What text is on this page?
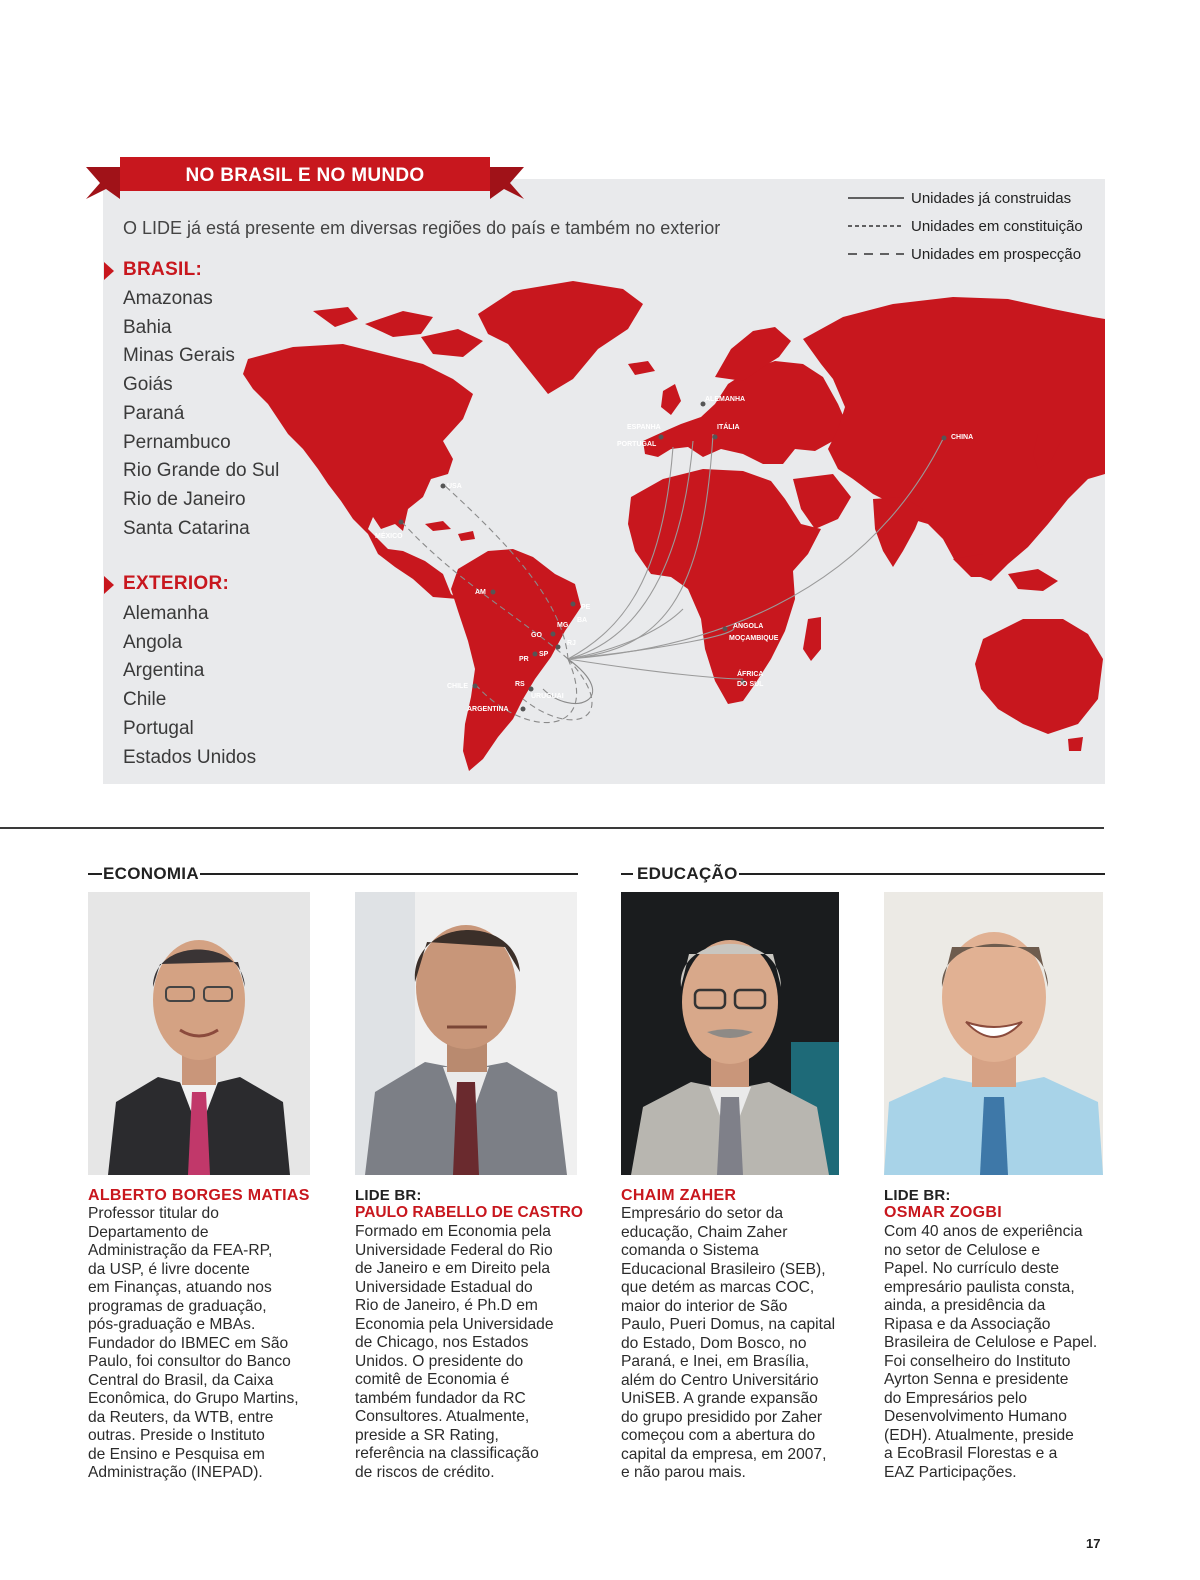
ALEMANHA
ESPANHA
PORTUGAL
ITÁLIA
CHINA
USA
MÉXICO
AM
PE
BA
MG
GO
RJ
SP
PR
RS
CHILE
URUGUAI
ARGENTINA
ANGOLA
MOÇAMBIQUE
ÁFRICA
DO SUL
NO BRASIL E NO MUNDO
O LIDE já está presente em diversas regiões do país e também no exterior
BRASIL:
Amazonas
Bahia
Minas Gerais
Goiás
Paraná
Pernambuco
Rio Grande do Sul
Rio de Janeiro
Santa Catarina
EXTERIOR:
Alemanha
Angola
Argentina
Chile
Portugal
Estados Unidos
Unidades já construidas
Unidades em constituição
Unidades em prospecção
ECONOMIA	EDUCAÇÃO
ALBERTO BORGES MATIAS
Professor titular do
Departamento de
Administração da FEA-RP,
da USP, é livre docente
em Finanças, atuando nos
programas de graduação,
pós-graduação e MBAs.
Fundador do IBMEC em São
Paulo, foi consultor do Banco
Central do Brasil, da Caixa
Econômica, do Grupo Martins,
da Reuters, da WTB, entre
outras. Preside o Instituto
de Ensino e Pesquisa em
Administração (INEPAD).
LIDE BR:
PAULO RABELLO DE CASTRO
Formado em Economia pela
Universidade Federal do Rio
de Janeiro e em Direito pela
Universidade Estadual do
Rio de Janeiro, é Ph.D em
Economia pela Universidade
de Chicago, nos Estados
Unidos. O presidente do
comitê de Economia é
também fundador da RC
Consultores. Atualmente,
preside a SR Rating,
referência na classificação
de riscos de crédito.
CHAIM ZAHER
Empresário do setor da
educação, Chaim Zaher
comanda o Sistema
Educacional Brasileiro (SEB),
que detém as marcas COC,
maior do interior de São
Paulo, Pueri Domus, na capital
do Estado, Dom Bosco, no
Paraná, e Inei, em Brasília,
além do Centro Universitário
UniSEB. A grande expansão
do grupo presidido por Zaher
começou com a abertura do
capital da empresa, em 2007,
e não parou mais.
LIDE BR:
OSMAR ZOGBI
Com 40 anos de experiência
no setor de Celulose e
Papel. No currículo deste
empresário paulista consta,
ainda, a presidência da
Ripasa e da Associação
Brasileira de Celulose e Papel.
Foi conselheiro do Instituto
Ayrton Senna e presidente
do Empresários pelo
Desenvolvimento Humano
(EDH). Atualmente, preside
a EcoBrasil Florestas e a
EAZ Participações.
17
